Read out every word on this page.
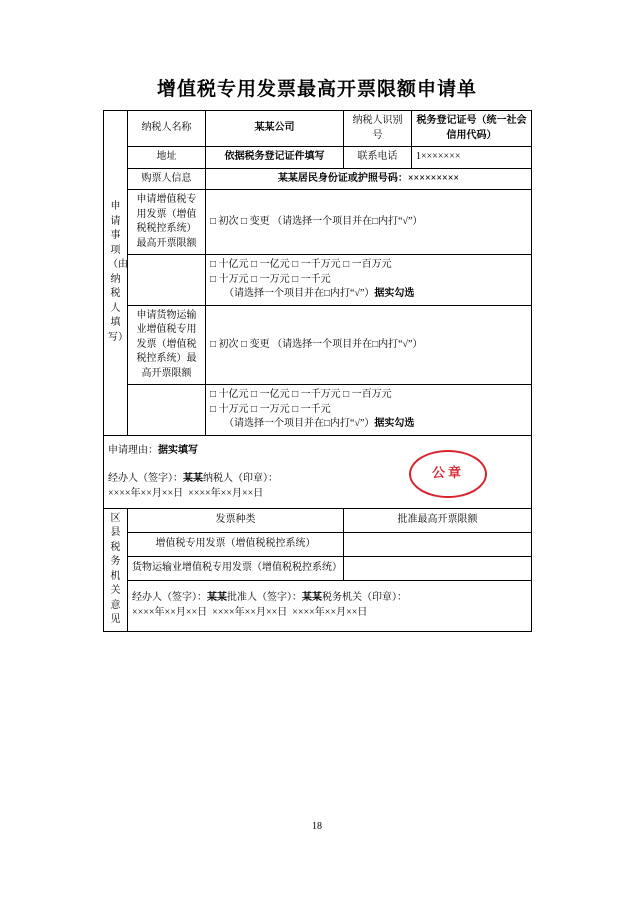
增值税专用发票最高开票限额申请单
申请事项（由纳税人填写）	纳税人名称	某某公司	纳税人识别号	税务登记证号（统一社会信用代码）
	地址	依据税务登记证件填写	联系电话	1×××××××
	购票人信息	某某居民身份证或护照号码：×××××××××		
	申请增值税专用发票（增值税税控系统）最高开票限额	□ 初次 □ 变更 （请选择一个项目并在□内打“√”）		

		□ 十亿元 □ 一亿元 □ 一千万元 □ 一百万元
□ 十万元 □ 一万元 □ 一千元
（请选择一个项目并在□内打“√”）据实勾选		

	申请货物运输业增值税专用发票（增值税税控系统）最高开票限额	□ 初次 □ 变更 （请选择一个项目并在□内打“√”）		

		□ 十亿元 □ 一亿元 □ 一千万元 □ 一百万元
□ 十万元 □ 一万元 □ 一千元
（请选择一个项目并在□内打“√”）据实勾选		

申请理由：据实填写
经办人（签字）：某某纳税人（印章）：
××××年××月××日 ××××年××月××日
公章				

区县税务机关意见	发票种类		批准最高开票限额	
	增值税专用发票（增值税税控系统）			
	货物运输业增值税专用发票（增值税税控系统）			

	经办人（签字）：某某批准人（签字）：某某税务机关（印章）：
××××年××月××日 ××××年××月××日 ××××年××月××日			
18
